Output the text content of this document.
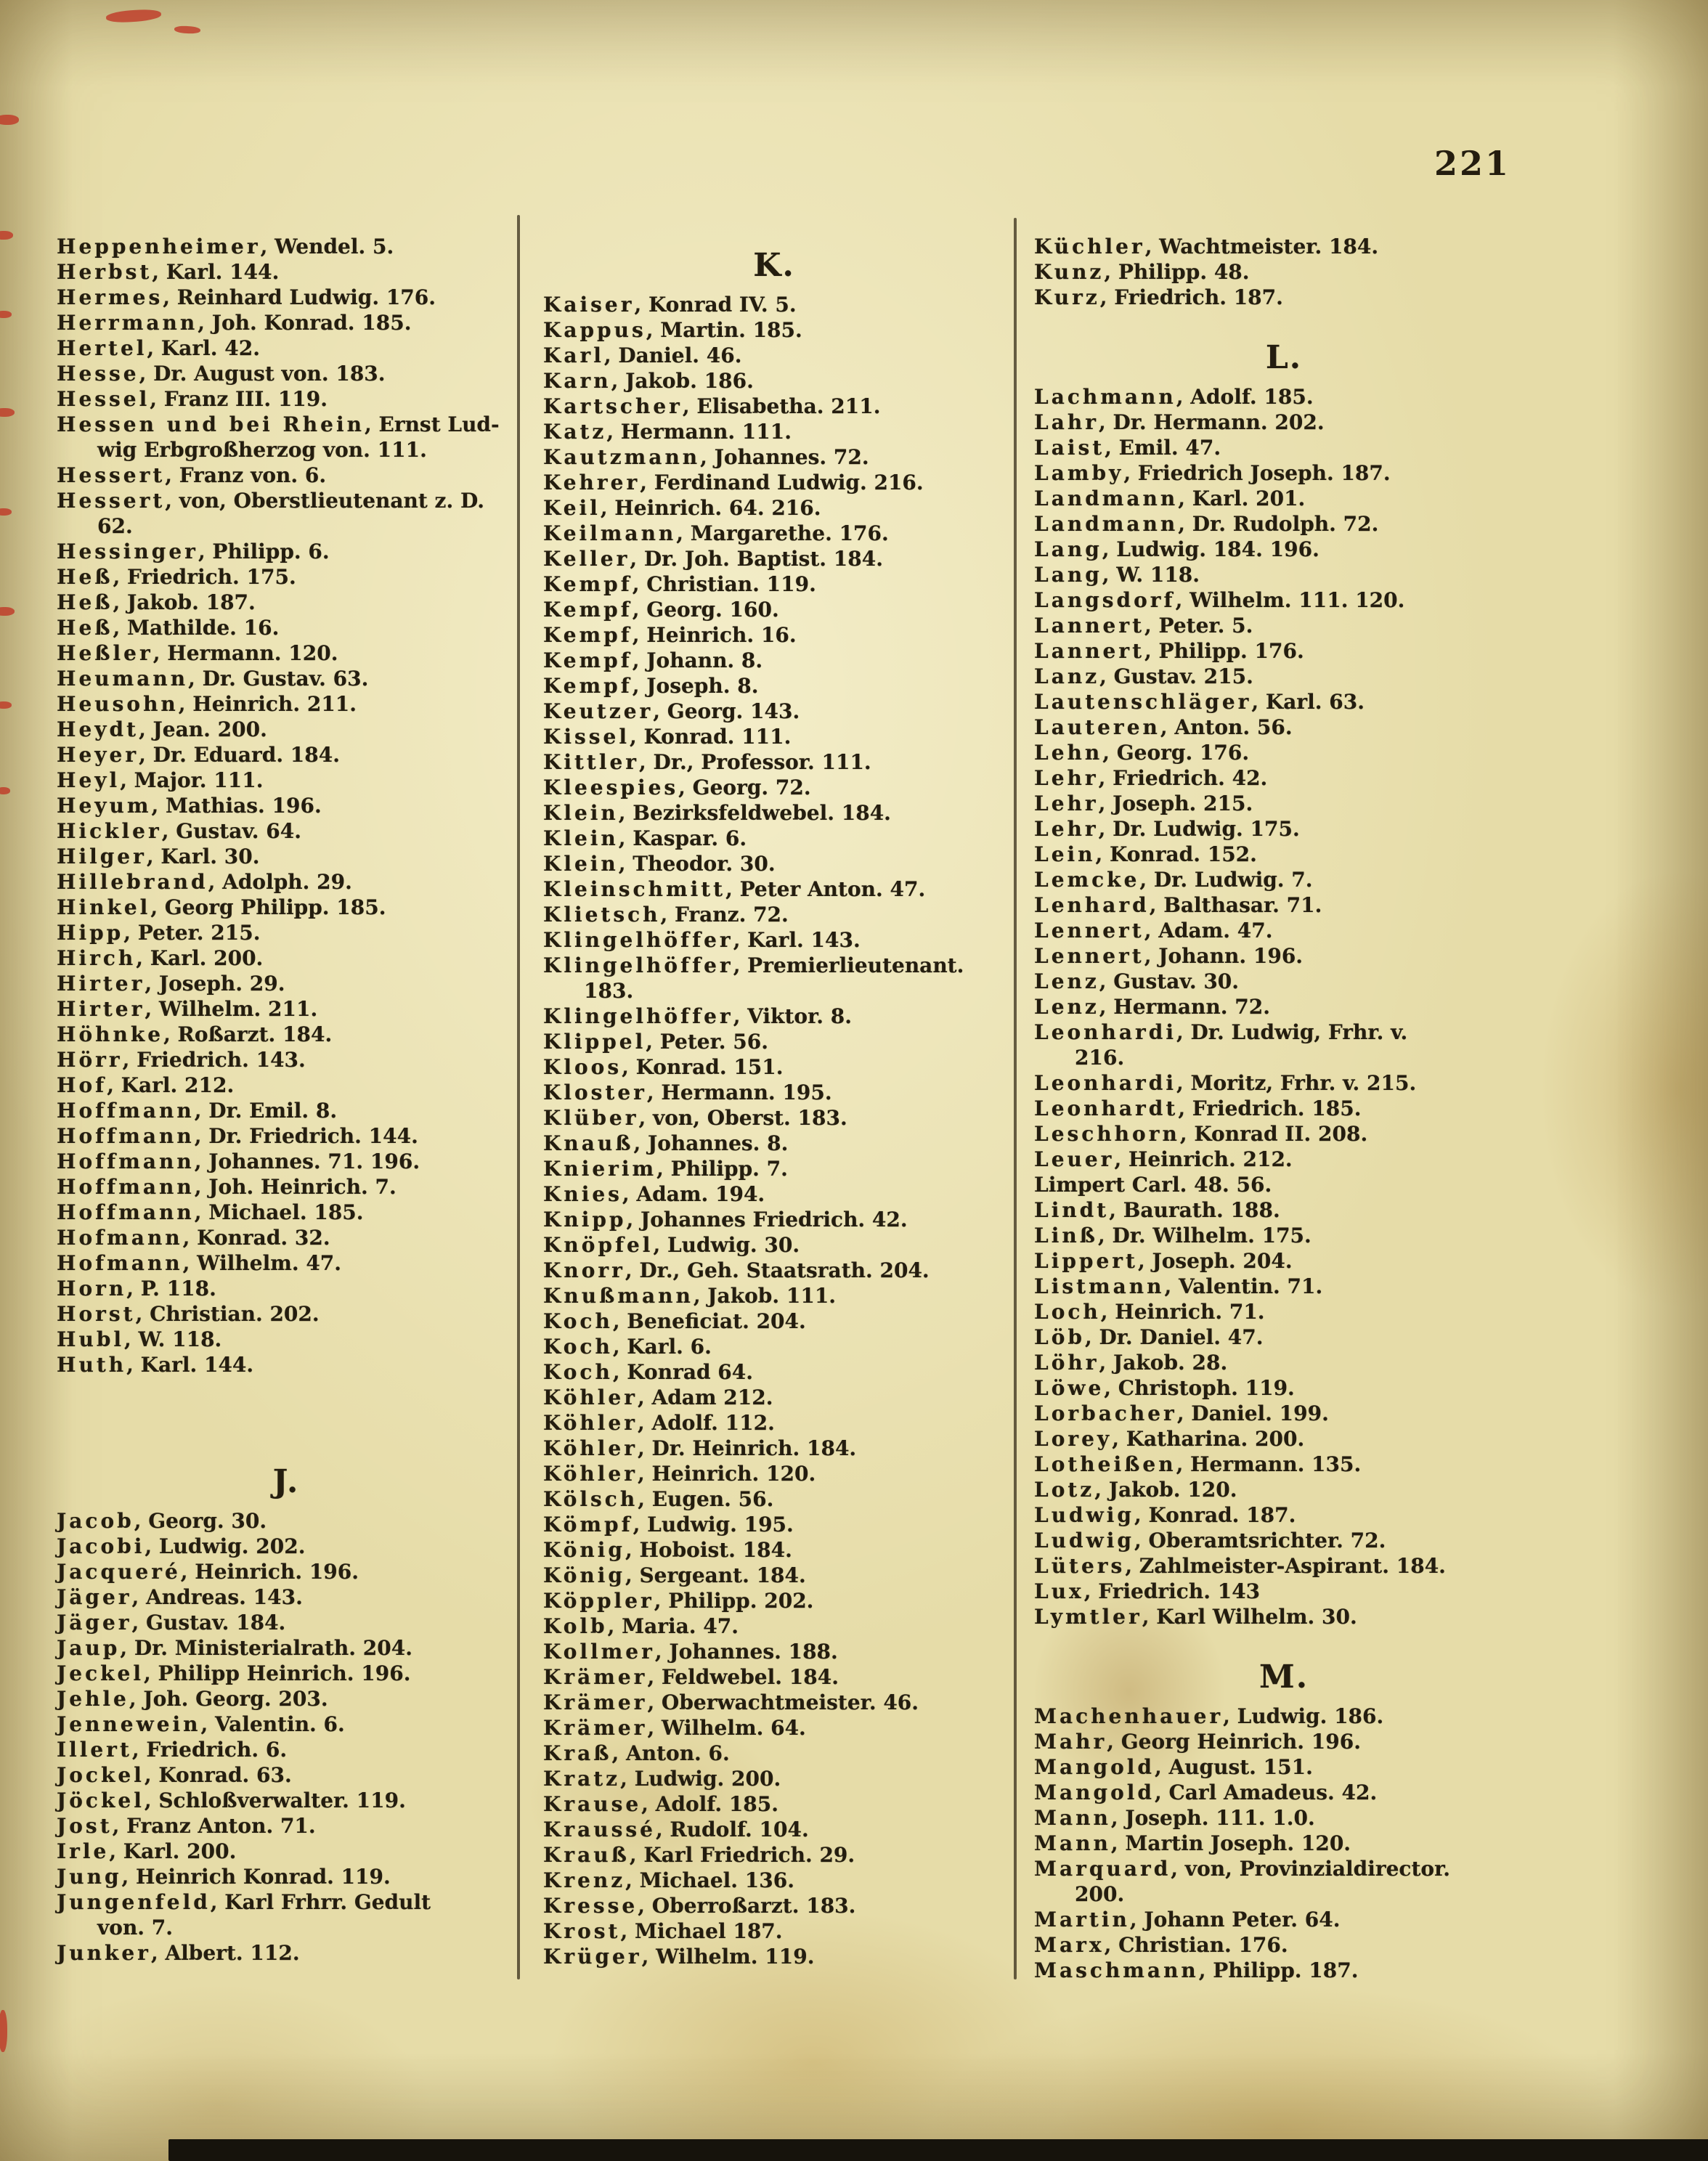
221
Heppenheimer, Wendel. 5.
Herbst, Karl. 144.
Hermes, Reinhard Ludwig. 176.
Herrmann, Joh. Konrad. 185.
Hertel, Karl. 42.
Hesse, Dr. August von. 183.
Hessel, Franz III. 119.
Hessen und bei Rhein, Ernst Lud-
wig Erbgroßherzog von. 111.
Hessert, Franz von. 6.
Hessert, von, Oberstlieutenant z. D.
62.
Hessinger, Philipp. 6.
Heß, Friedrich. 175.
Heß, Jakob. 187.
Heß, Mathilde. 16.
Heßler, Hermann. 120.
Heumann, Dr. Gustav. 63.
Heusohn, Heinrich. 211.
Heydt, Jean. 200.
Heyer, Dr. Eduard. 184.
Heyl, Major. 111.
Heyum, Mathias. 196.
Hickler, Gustav. 64.
Hilger, Karl. 30.
Hillebrand, Adolph. 29.
Hinkel, Georg Philipp. 185.
Hipp, Peter. 215.
Hirch, Karl. 200.
Hirter, Joseph. 29.
Hirter, Wilhelm. 211.
Höhnke, Roßarzt. 184.
Hörr, Friedrich. 143.
Hof, Karl. 212.
Hoffmann, Dr. Emil. 8.
Hoffmann, Dr. Friedrich. 144.
Hoffmann, Johannes. 71. 196.
Hoffmann, Joh. Heinrich. 7.
Hoffmann, Michael. 185.
Hofmann, Konrad. 32.
Hofmann, Wilhelm. 47.
Horn, P. 118.
Horst, Christian. 202.
Hubl, W. 118.
Huth, Karl. 144.
J.
Jacob, Georg. 30.
Jacobi, Ludwig. 202.
Jacqueré, Heinrich. 196.
Jäger, Andreas. 143.
Jäger, Gustav. 184.
Jaup, Dr. Ministerialrath. 204.
Jeckel, Philipp Heinrich. 196.
Jehle, Joh. Georg. 203.
Jennewein, Valentin. 6.
Illert, Friedrich. 6.
Jockel, Konrad. 63.
Jöckel, Schloßverwalter. 119.
Jost, Franz Anton. 71.
Irle, Karl. 200.
Jung, Heinrich Konrad. 119.
Jungenfeld, Karl Frhrr. Gedult
von. 7.
Junker, Albert. 112.
K.
Kaiser, Konrad IV. 5.
Kappus, Martin. 185.
Karl, Daniel. 46.
Karn, Jakob. 186.
Kartscher, Elisabetha. 211.
Katz, Hermann. 111.
Kautzmann, Johannes. 72.
Kehrer, Ferdinand Ludwig. 216.
Keil, Heinrich. 64. 216.
Keilmann, Margarethe. 176.
Keller, Dr. Joh. Baptist. 184.
Kempf, Christian. 119.
Kempf, Georg. 160.
Kempf, Heinrich. 16.
Kempf, Johann. 8.
Kempf, Joseph. 8.
Keutzer, Georg. 143.
Kissel, Konrad. 111.
Kittler, Dr., Professor. 111.
Kleespies, Georg. 72.
Klein, Bezirksfeldwebel. 184.
Klein, Kaspar. 6.
Klein, Theodor. 30.
Kleinschmitt, Peter Anton. 47.
Klietsch, Franz. 72.
Klingelhöffer, Karl. 143.
Klingelhöffer, Premierlieutenant.
183.
Klingelhöffer, Viktor. 8.
Klippel, Peter. 56.
Kloos, Konrad. 151.
Kloster, Hermann. 195.
Klüber, von, Oberst. 183.
Knauß, Johannes. 8.
Knierim, Philipp. 7.
Knies, Adam. 194.
Knipp, Johannes Friedrich. 42.
Knöpfel, Ludwig. 30.
Knorr, Dr., Geh. Staatsrath. 204.
Knußmann, Jakob. 111.
Koch, Beneficiat. 204.
Koch, Karl. 6.
Koch, Konrad 64.
Köhler, Adam 212.
Köhler, Adolf. 112.
Köhler, Dr. Heinrich. 184.
Köhler, Heinrich. 120.
Kölsch, Eugen. 56.
Kömpf, Ludwig. 195.
König, Hoboist. 184.
König, Sergeant. 184.
Köppler, Philipp. 202.
Kolb, Maria. 47.
Kollmer, Johannes. 188.
Krämer, Feldwebel. 184.
Krämer, Oberwachtmeister. 46.
Krämer, Wilhelm. 64.
Kraß, Anton. 6.
Kratz, Ludwig. 200.
Krause, Adolf. 185.
Kraussé, Rudolf. 104.
Krauß, Karl Friedrich. 29.
Krenz, Michael. 136.
Kresse, Oberroßarzt. 183.
Krost, Michael 187.
Krüger, Wilhelm. 119.
Küchler, Wachtmeister. 184.
Kunz, Philipp. 48.
Kurz, Friedrich. 187.
L.
Lachmann, Adolf. 185.
Lahr, Dr. Hermann. 202.
Laist, Emil. 47.
Lamby, Friedrich Joseph. 187.
Landmann, Karl. 201.
Landmann, Dr. Rudolph. 72.
Lang, Ludwig. 184. 196.
Lang, W. 118.
Langsdorf, Wilhelm. 111. 120.
Lannert, Peter. 5.
Lannert, Philipp. 176.
Lanz, Gustav. 215.
Lautenschläger, Karl. 63.
Lauteren, Anton. 56.
Lehn, Georg. 176.
Lehr, Friedrich. 42.
Lehr, Joseph. 215.
Lehr, Dr. Ludwig. 175.
Lein, Konrad. 152.
Lemcke, Dr. Ludwig. 7.
Lenhard, Balthasar. 71.
Lennert, Adam. 47.
Lennert, Johann. 196.
Lenz, Gustav. 30.
Lenz, Hermann. 72.
Leonhardi, Dr. Ludwig, Frhr. v.
216.
Leonhardi, Moritz, Frhr. v. 215.
Leonhardt, Friedrich. 185.
Leschhorn, Konrad II. 208.
Leuer, Heinrich. 212.
Limpert Carl. 48. 56.
Lindt, Baurath. 188.
Linß, Dr. Wilhelm. 175.
Lippert, Joseph. 204.
Listmann, Valentin. 71.
Loch, Heinrich. 71.
Löb, Dr. Daniel. 47.
Löhr, Jakob. 28.
Löwe, Christoph. 119.
Lorbacher, Daniel. 199.
Lorey, Katharina. 200.
Lotheißen, Hermann. 135.
Lotz, Jakob. 120.
Ludwig, Konrad. 187.
Ludwig, Oberamtsrichter. 72.
Lüters, Zahlmeister-Aspirant. 184.
Lux, Friedrich. 143
Lymtler, Karl Wilhelm. 30.
M.
Machenhauer, Ludwig. 186.
Mahr, Georg Heinrich. 196.
Mangold, August. 151.
Mangold, Carl Amadeus. 42.
Mann, Joseph. 111. 1.0.
Mann, Martin Joseph. 120.
Marquard, von, Provinzialdirector.
200.
Martin, Johann Peter. 64.
Marx, Christian. 176.
Maschmann, Philipp. 187.
